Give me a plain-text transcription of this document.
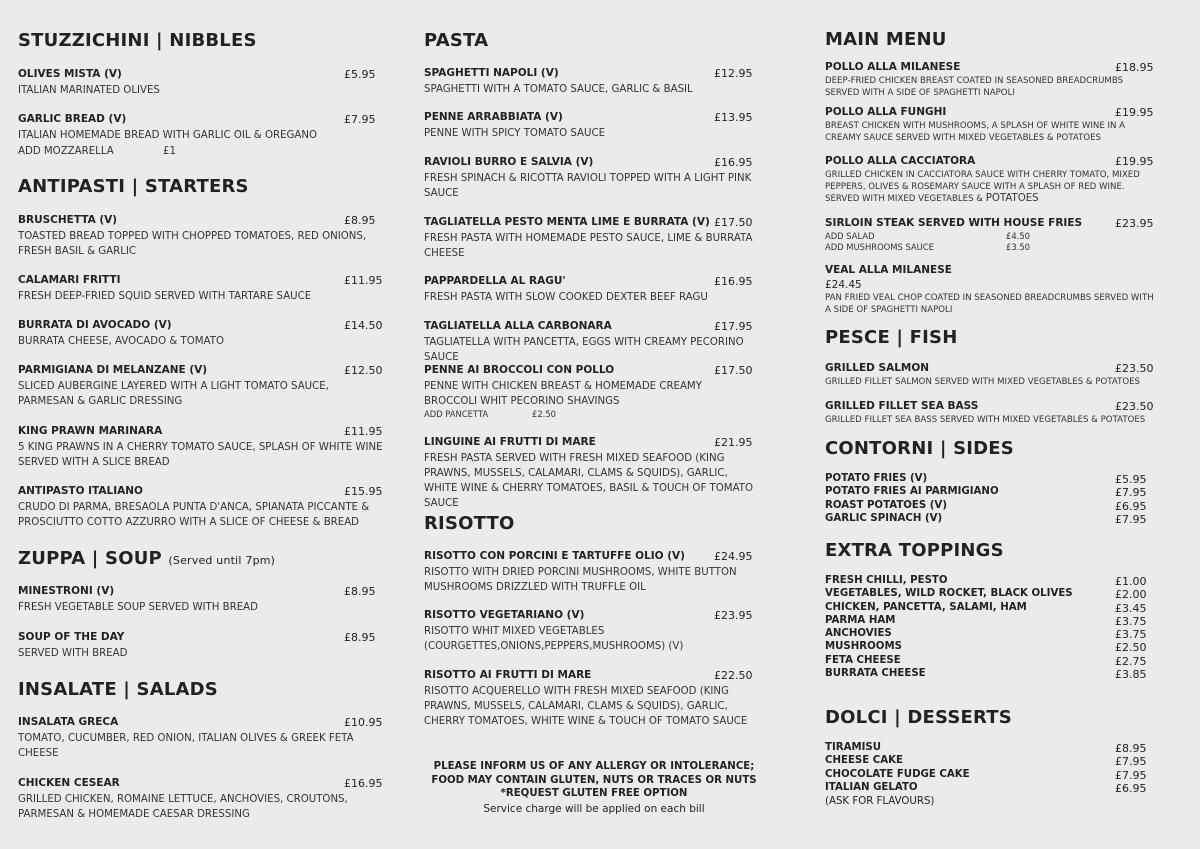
STUZZICHINI | NIBBLES
OLIVES MISTA (V)	£5.95
ITALIAN MARINATED OLIVES
GARLIC BREAD (V)	£7.95
ITALIAN HOMEMADE BREAD WITH GARLIC OIL & OREGANO
ADD MOZZARELLA	£1
ANTIPASTI | STARTERS
BRUSCHETTA (V)	£8.95
TOASTED BREAD TOPPED WITH CHOPPED TOMATOES, RED ONIONS, FRESH BASIL & GARLIC
CALAMARI FRITTI	£11.95
FRESH DEEP-FRIED SQUID SERVED WITH TARTARE SAUCE
BURRATA DI AVOCADO (V)	£14.50
BURRATA CHEESE, AVOCADO & TOMATO
PARMIGIANA DI MELANZANE (V)	£12.50
SLICED AUBERGINE LAYERED WITH A LIGHT TOMATO SAUCE, PARMESAN & GARLIC DRESSING
KING PRAWN MARINARA	£11.95
5 KING PRAWNS IN A CHERRY TOMATO SAUCE, SPLASH OF WHITE WINE SERVED WITH A SLICE BREAD
ANTIPASTO ITALIANO	£15.95
CRUDO DI PARMA, BRESAOLA PUNTA D'ANCA, SPIANATA PICCANTE & PROSCIUTTO COTTO AZZURRO WITH A SLICE OF CHEESE & BREAD
ZUPPA | SOUP (Served until 7pm)
MINESTRONI (V)	£8.95
FRESH VEGETABLE SOUP SERVED WITH BREAD
SOUP OF THE DAY	£8.95
SERVED WITH BREAD
INSALATE | SALADS
INSALATA GRECA	£10.95
TOMATO, CUCUMBER, RED ONION, ITALIAN OLIVES & GREEK FETA CHEESE
CHICKEN CESEAR	£16.95
GRILLED CHICKEN, ROMAINE LETTUCE, ANCHOVIES, CROUTONS, PARMESAN & HOMEMADE CAESAR DRESSING
PASTA
SPAGHETTI NAPOLI (V)	£12.95
SPAGHETTI WITH A TOMATO SAUCE, GARLIC & BASIL
PENNE ARRABBIATA (V)	£13.95
PENNE WITH SPICY TOMATO SAUCE
RAVIOLI BURRO E SALVIA (V)	£16.95
FRESH SPINACH & RICOTTA RAVIOLI TOPPED WITH A LIGHT PINK SAUCE
TAGLIATELLA PESTO MENTA LIME E BURRATA (V) £17.50
FRESH PASTA WITH HOMEMADE PESTO SAUCE, LIME & BURRATA CHEESE
PAPPARDELLA AL RAGU'	£16.95
FRESH PASTA WITH SLOW COOKED DEXTER BEEF RAGU
TAGLIATELLA ALLA CARBONARA	£17.95
TAGLIATELLA WITH PANCETTA, EGGS WITH CREAMY PECORINO SAUCE
PENNE AI BROCCOLI CON POLLO	£17.50
PENNE WITH CHICKEN BREAST & HOMEMADE CREAMY BROCCOLI WHIT PECORINO SHAVINGS
ADD PANCETTA	£2.50
LINGUINE AI FRUTTI DI MARE	£21.95
FRESH PASTA SERVED WITH FRESH MIXED SEAFOOD (KING PRAWNS, MUSSELS, CALAMARI, CLAMS & SQUIDS), GARLIC, WHITE WINE & CHERRY TOMATOES, BASIL & TOUCH OF TOMATO SAUCE
RISOTTO
RISOTTO CON PORCINI E TARTUFFE OLIO (V)	£24.95
RISOTTO WITH DRIED PORCINI MUSHROOMS, WHITE BUTTON MUSHROOMS DRIZZLED WITH TRUFFLE OIL
RISOTTO VEGETARIANO (V)	£23.95
RISOTTO WHIT MIXED VEGETABLES (COURGETTES,ONIONS,PEPPERS,MUSHROOMS) (V)
RISOTTO AI FRUTTI DI MARE	£22.50
RISOTTO ACQUERELLO WITH FRESH MIXED SEAFOOD (KING PRAWNS, MUSSELS, CALAMARI, CLAMS & SQUIDS), GARLIC, CHERRY TOMATOES, WHITE WINE & TOUCH OF TOMATO SAUCE
PLEASE INFORM US OF ANY ALLERGY OR INTOLERANCE;
FOOD MAY CONTAIN GLUTEN, NUTS OR TRACES OR NUTS
*REQUEST GLUTEN FREE OPTION
Service charge will be applied on each bill
MAIN MENU
POLLO ALLA MILANESE	£18.95
DEEP-FRIED CHICKEN BREAST COATED IN SEASONED BREADCRUMBS SERVED WITH A SIDE OF SPAGHETTI NAPOLI
POLLO ALLA FUNGHI	£19.95
BREAST CHICKEN WITH MUSHROOMS, A SPLASH OF WHITE WINE IN A CREAMY SAUCE SERVED WITH MIXED VEGETABLES & POTATOES
POLLO ALLA CACCIATORA	£19.95
GRILLED CHICKEN IN CACCIATORA SAUCE WITH CHERRY TOMATO, MIXED PEPPERS, OLIVES & ROSEMARY SAUCE WITH A SPLASH OF RED WINE. SERVED WITH MIXED VEGETABLES & POTATOES
SIRLOIN STEAK SERVED WITH HOUSE FRIES	£23.95
ADD SALAD	£4.50
ADD MUSHROOMS SAUCE	£3.50
VEAL ALLA MILANESE
£24.45
PAN FRIED VEAL CHOP COATED IN SEASONED BREADCRUMBS SERVED WITH A SIDE OF SPAGHETTI NAPOLI
PESCE | FISH
GRILLED SALMON	£23.50
GRILLED FILLET SALMON SERVED WITH MIXED VEGETABLES & POTATOES
GRILLED FILLET SEA BASS	£23.50
GRILLED FILLET SEA BASS SERVED WITH MIXED VEGETABLES & POTATOES
CONTORNI | SIDES
POTATO FRIES (V)	£5.95
POTATO FRIES AI PARMIGIANO	£7.95
ROAST POTATOES (V)	£6.95
GARLIC SPINACH (V)	£7.95
EXTRA TOPPINGS
FRESH CHILLI, PESTO	£1.00
VEGETABLES, WILD ROCKET, BLACK OLIVES	£2.00
CHICKEN, PANCETTA, SALAMI, HAM	£3.45
PARMA HAM	£3.75
ANCHOVIES	£3.75
MUSHROOMS	£2.50
FETA CHEESE	£2.75
BURRATA CHEESE	£3.85
DOLCI | DESSERTS
TIRAMISU	£8.95
CHEESE CAKE	£7.95
CHOCOLATE FUDGE CAKE	£7.95
ITALIAN GELATO	£6.95
(ASK FOR FLAVOURS)
